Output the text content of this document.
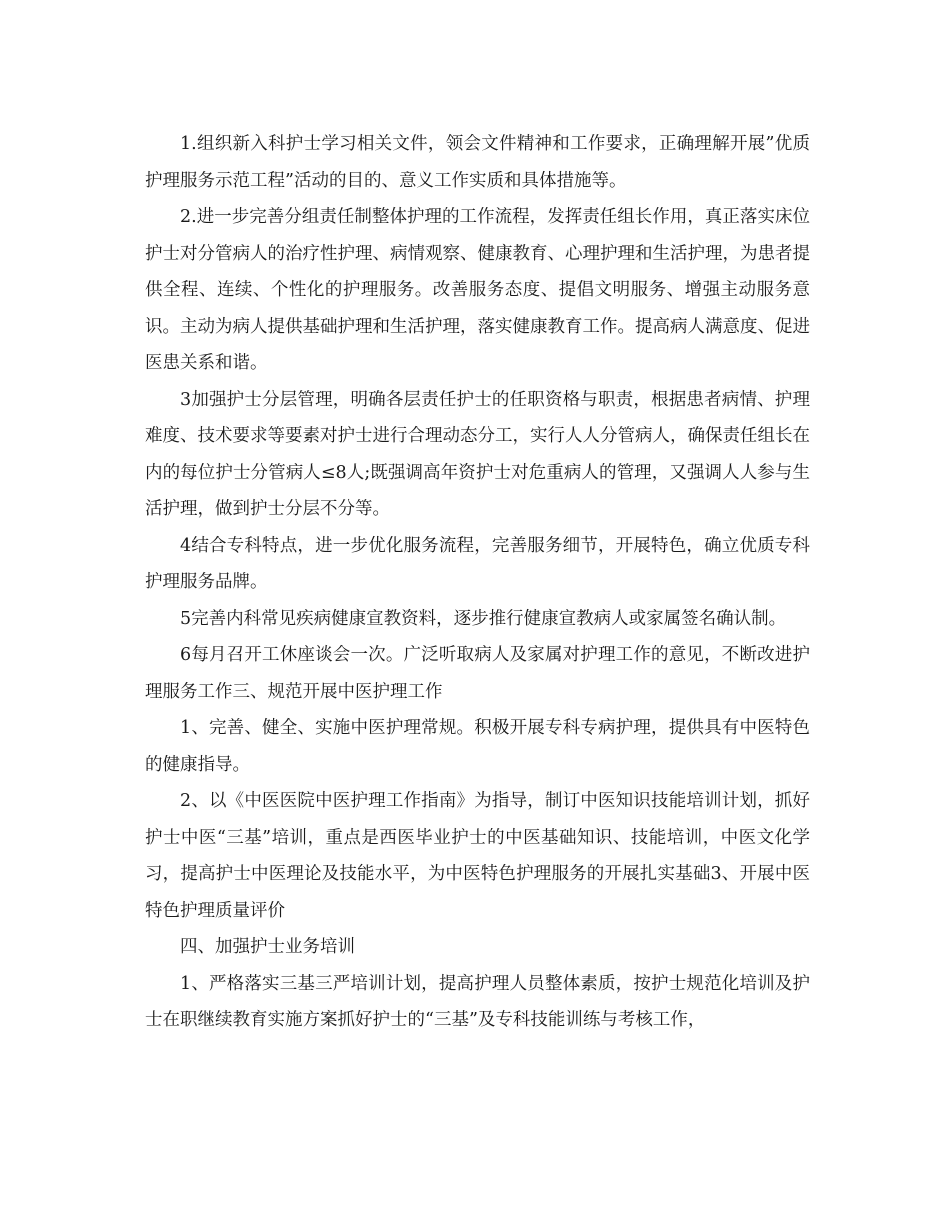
1.组织新入科护士学习相关文件，领会文件精神和工作要求，正确理解开展”优质护理服务示范工程”活动的目的、意义工作实质和具体措施等。

2.进一步完善分组责任制整体护理的工作流程，发挥责任组长作用，真正落实床位护士对分管病人的治疗性护理、病情观察、健康教育、心理护理和生活护理，为患者提供全程、连续、个性化的护理服务。改善服务态度、提倡文明服务、增强主动服务意识。主动为病人提供基础护理和生活护理，落实健康教育工作。提高病人满意度、促进医患关系和谐。

3加强护士分层管理，明确各层责任护士的任职资格与职责，根据患者病情、护理难度、技术要求等要素对护士进行合理动态分工，实行人人分管病人，确保责任组长在内的每位护士分管病人≤8人;既强调高年资护士对危重病人的管理，又强调人人参与生活护理，做到护士分层不分等。

4结合专科特点，进一步优化服务流程，完善服务细节，开展特色，确立优质专科护理服务品牌。

5完善内科常见疾病健康宣教资料，逐步推行健康宣教病人或家属签名确认制。

6每月召开工休座谈会一次。广泛听取病人及家属对护理工作的意见，不断改进护理服务工作三、规范开展中医护理工作

1、完善、健全、实施中医护理常规。积极开展专科专病护理，提供具有中医特色的健康指导。

2、以《中医医院中医护理工作指南》为指导，制订中医知识技能培训计划，抓好护士中医“三基”培训，重点是西医毕业护士的中医基础知识、技能培训，中医文化学习，提高护士中医理论及技能水平，为中医特色护理服务的开展扎实基础3、开展中医特色护理质量评价

四、加强护士业务培训

1、严格落实三基三严培训计划，提高护理人员整体素质，按护士规范化培训及护士在职继续教育实施方案抓好护士的“三基”及专科技能训练与考核工作，
